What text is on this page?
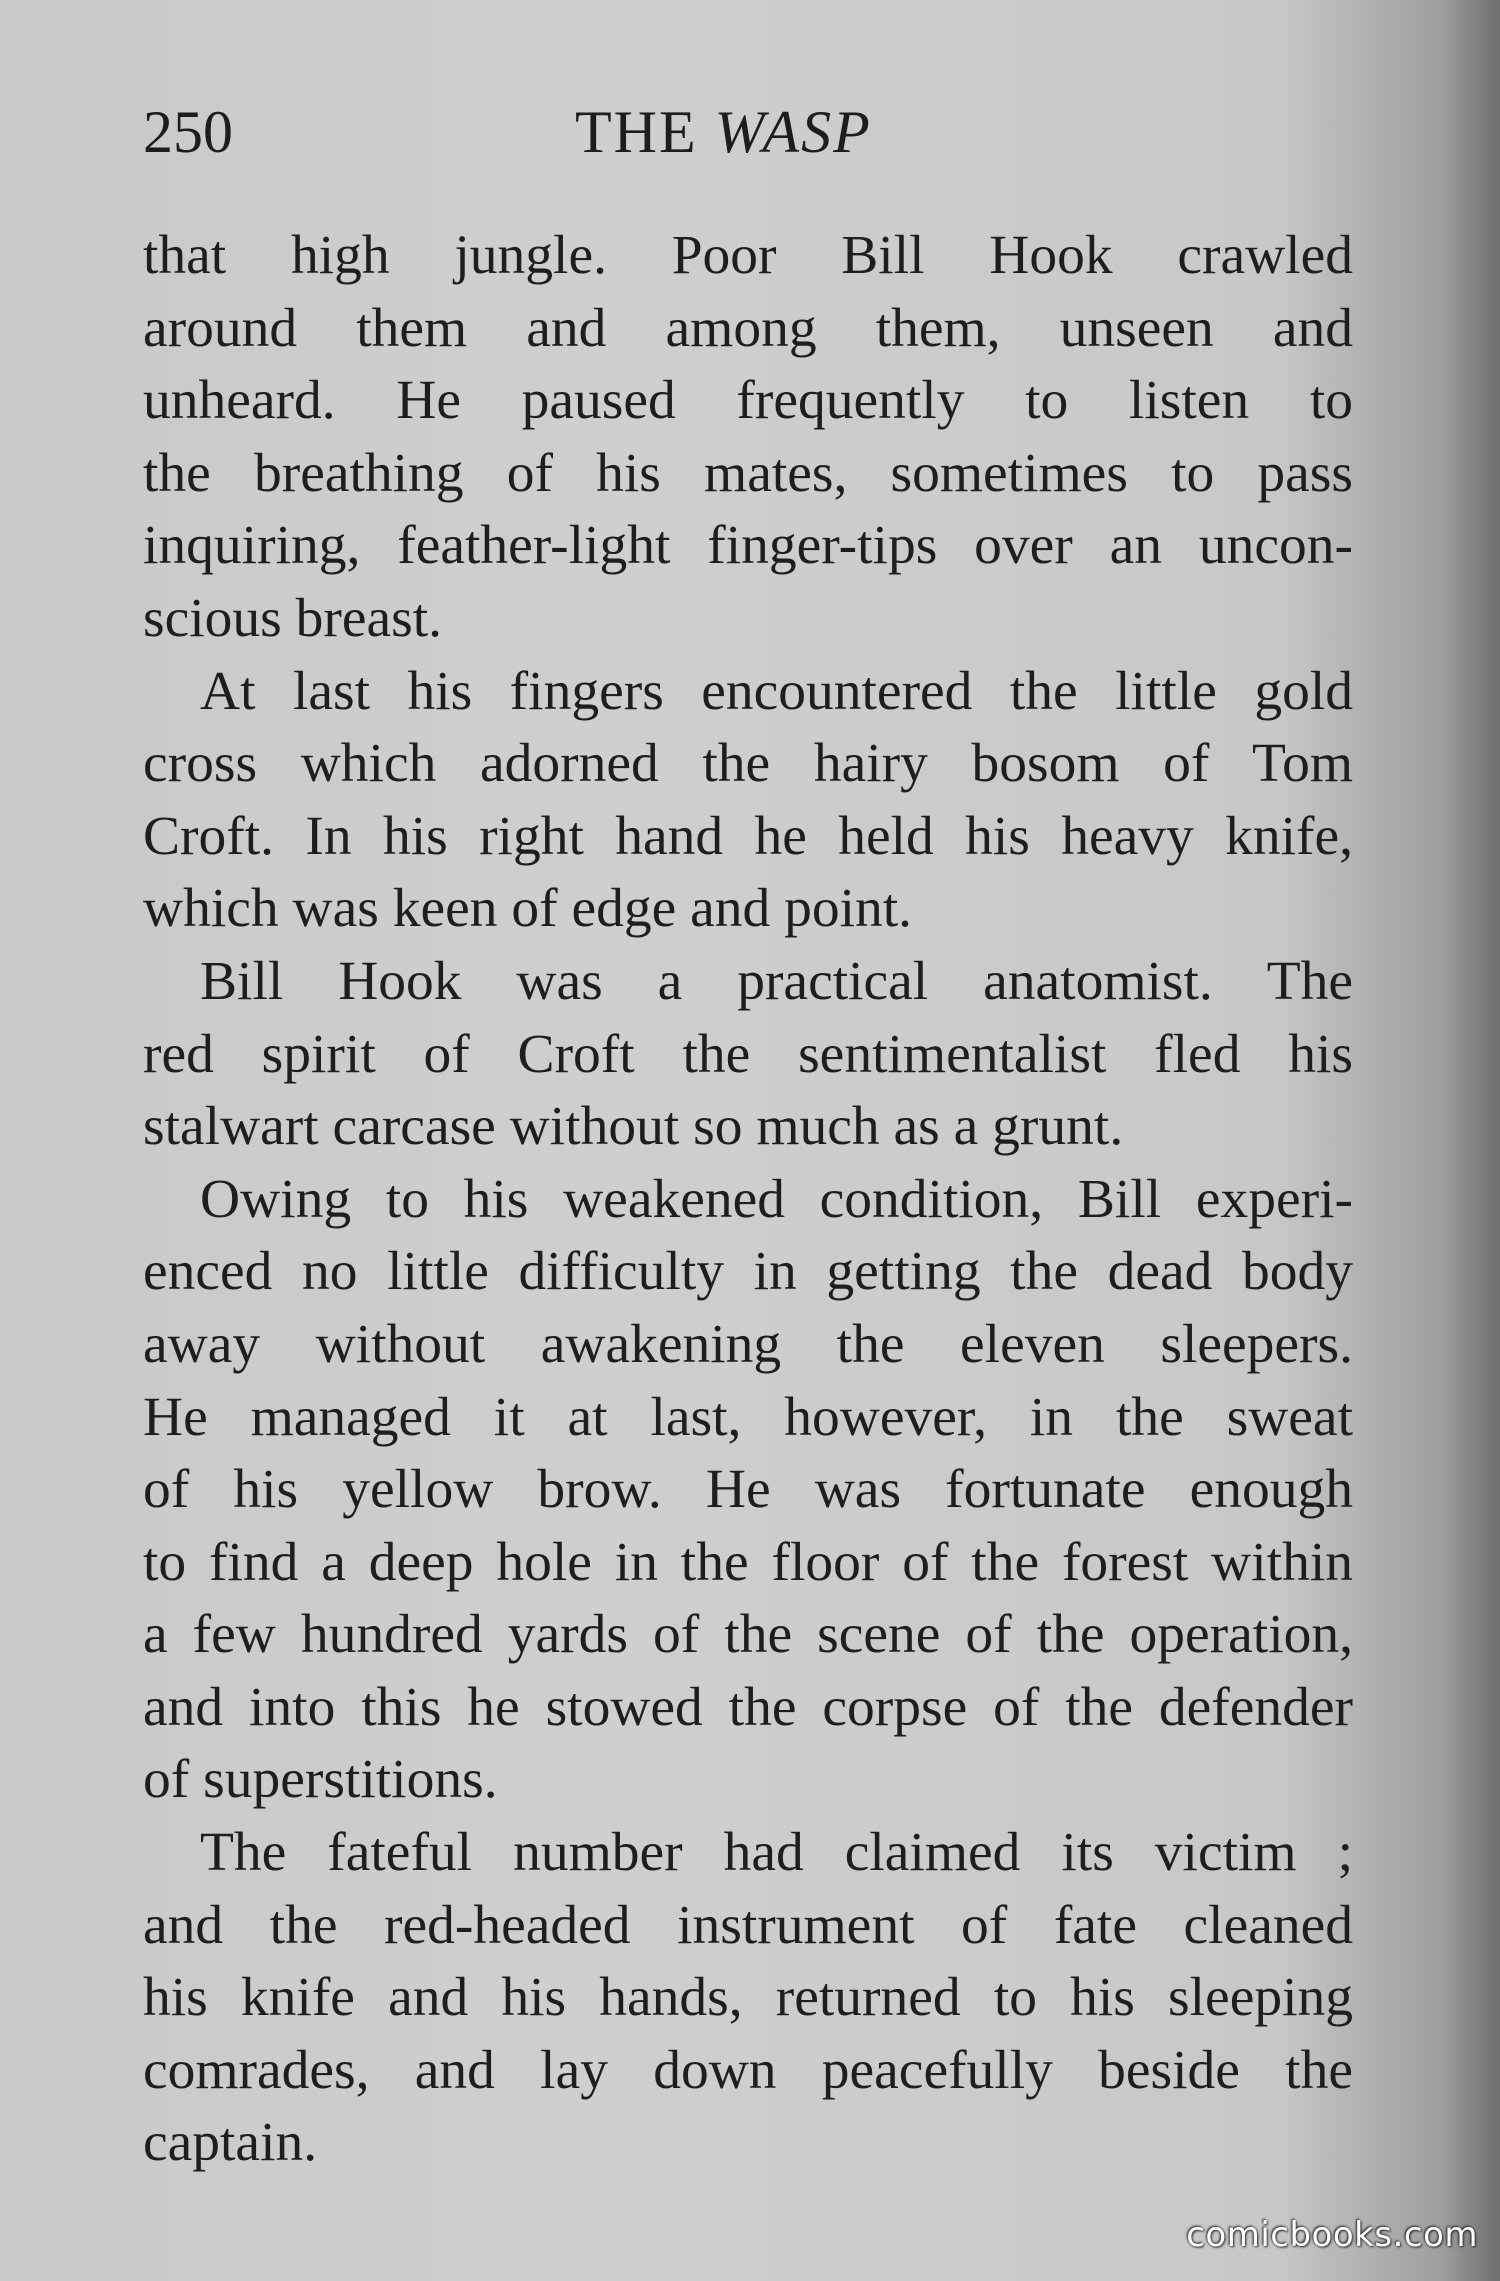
250	THE WASP
that high jungle. Poor Bill Hook crawled
around them and among them, unseen and
unheard. He paused frequently to listen to
the breathing of his mates, sometimes to pass
inquiring, feather-light finger-tips over an uncon-
scious breast.
At last his fingers encountered the little gold
cross which adorned the hairy bosom of Tom
Croft. In his right hand he held his heavy knife,
which was keen of edge and point.
Bill Hook was a practical anatomist. The
red spirit of Croft the sentimentalist fled his
stalwart carcase without so much as a grunt.
Owing to his weakened condition, Bill experi-
enced no little difficulty in getting the dead body
away without awakening the eleven sleepers.
He managed it at last, however, in the sweat
of his yellow brow. He was fortunate enough
to find a deep hole in the floor of the forest within
a few hundred yards of the scene of the operation,
and into this he stowed the corpse of the defender
of superstitions.
The fateful number had claimed its victim ;
and the red-headed instrument of fate cleaned
his knife and his hands, returned to his sleeping
comrades, and lay down peacefully beside the
captain.
comicbooks.com
